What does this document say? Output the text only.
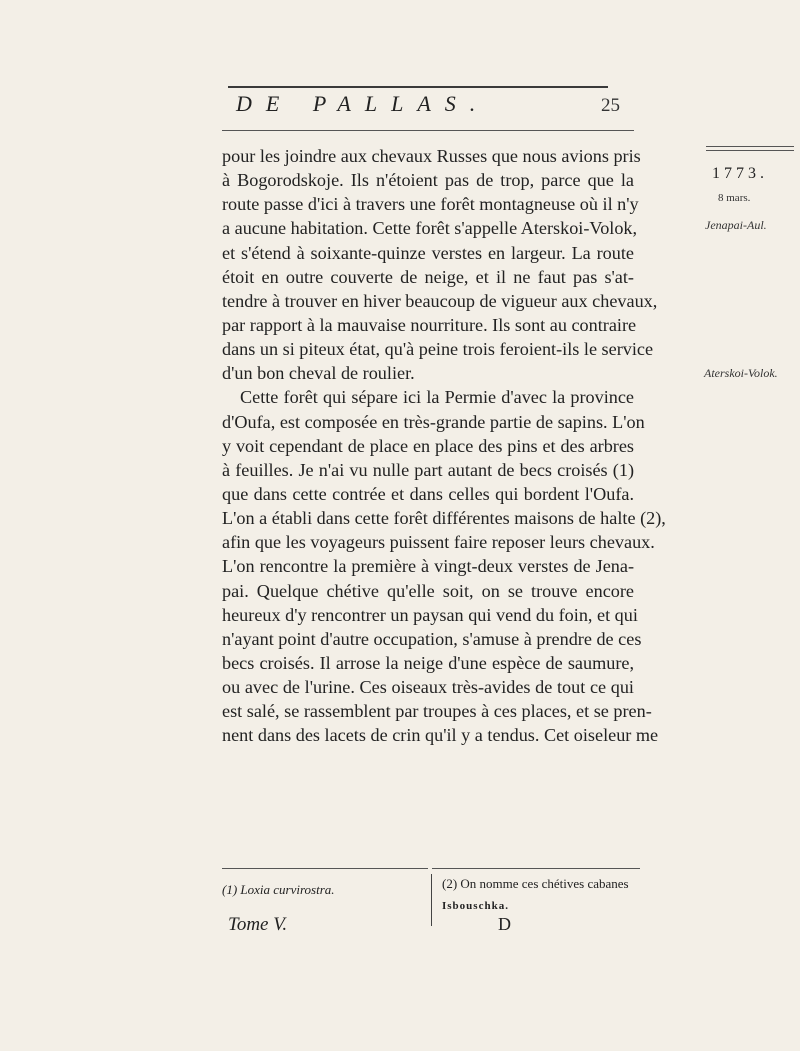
DE PALLAS.	25
1773.
8 mars.
Jenapai-Aul.
Aterskoi-Volok.
pour les joindre aux chevaux Russes que nous avions pris
à Bogorodskoje. Ils n'étoient pas de trop, parce que la
route passe d'ici à travers une forêt montagneuse où il n'y
a aucune habitation. Cette forêt s'appelle Aterskoi-Volok,
et s'étend à soixante-quinze verstes en largeur. La route
étoit en outre couverte de neige, et il ne faut pas s'at-
tendre à trouver en hiver beaucoup de vigueur aux chevaux,
par rapport à la mauvaise nourriture. Ils sont au contraire
dans un si piteux état, qu'à peine trois feroient-ils le service
d'un bon cheval de roulier.
Cette forêt qui sépare ici la Permie d'avec la province
d'Oufa, est composée en très-grande partie de sapins. L'on
y voit cependant de place en place des pins et des arbres
à feuilles. Je n'ai vu nulle part autant de becs croisés (1)
que dans cette contrée et dans celles qui bordent l'Oufa.
L'on a établi dans cette forêt différentes maisons de halte (2),
afin que les voyageurs puissent faire reposer leurs chevaux.
L'on rencontre la première à vingt-deux verstes de Jena-
pai. Quelque chétive qu'elle soit, on se trouve encore
heureux d'y rencontrer un paysan qui vend du foin, et qui
n'ayant point d'autre occupation, s'amuse à prendre de ces
becs croisés. Il arrose la neige d'une espèce de saumure,
ou avec de l'urine. Ces oiseaux très-avides de tout ce qui
est salé, se rassemblent par troupes à ces places, et se pren-
nent dans des lacets de crin qu'il y a tendus. Cet oiseleur me
(1) Loxia curvirostra.	(2) On nomme ces chétives cabanes
Isbouschka.
Tome V.	D
